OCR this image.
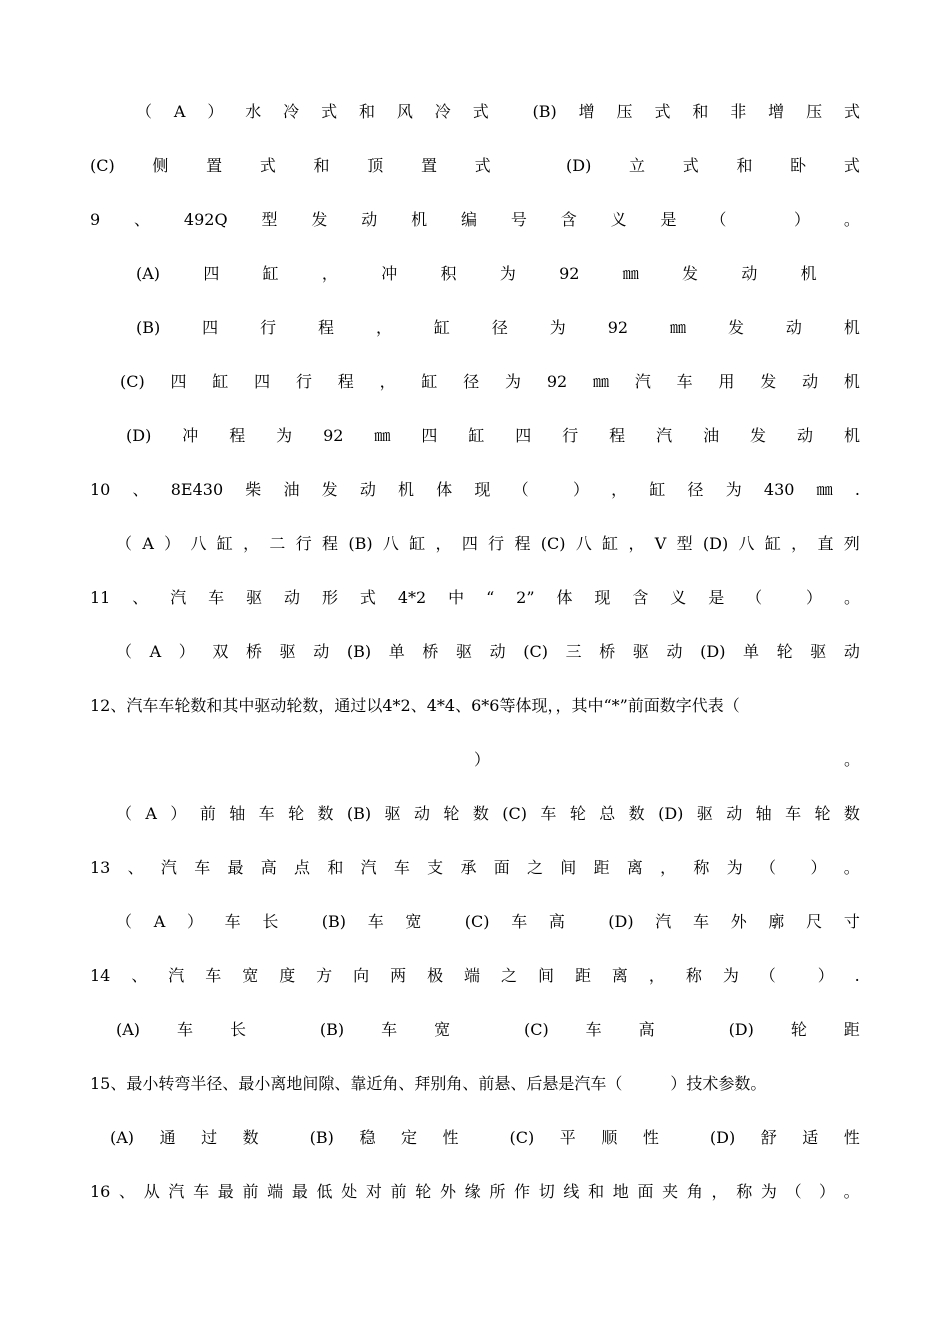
（ A ） 水 冷 式 和 风 冷 式	(B) 增 压 式 和 非 增 压 式
(C) 侧 置 式 和 顶 置 式	(D) 立 式 和 卧 式
9 、 492Q 型 发 动 机 编 号 含 义 是 （	） 。
(A)	四	缸	，	冲	积	为	92	㎜	发	动	机
(B)	四	行	程	，	缸	径	为	92	㎜	发	动	机
(C) 四 缸 四 行 程 ， 缸 径 为 92 ㎜ 汽 车 用 发 动 机
(D) 冲 程 为 92 ㎜ 四 缸 四 行 程 汽 油 发 动 机
10 、 8E430 柴 油 发 动 机 体 现 （	） ， 缸 径 为 430 ㎜ .
（ A ） 八 缸 ， 二 行 程 (B) 八 缸 ， 四 行 程 (C) 八 缸 ， V 型 (D) 八 缸 ， 直 列
11 、 汽 车 驱 动 形 式 4*2 中 “ 2” 体 现 含 义 是 （	） 。
（ A ） 双 桥 驱 动 (B) 单 桥 驱 动 (C) 三 桥 驱 动 (D) 单 轮 驱 动
12、汽车车轮数和其中驱动轮数，通过以4*2、4*4、6*6等体现，，其中“*”前面数字代表（
）	。
（ A ） 前 轴 车 轮 数 (B) 驱 动 轮 数 (C) 车 轮 总 数 (D) 驱 动 轴 车 轮 数
13 、 汽 车 最 高 点 和 汽 车 支 承 面 之 间 距 离 ， 称 为 （ ） 。
（ A ） 车 长	(B) 车 宽	(C) 车 高	(D) 汽 车 外 廓 尺 寸
14 、 汽 车 宽 度 方 向 两 极 端 之 间 距 离 ， 称 为 （	） .
(A) 车 长	(B) 车 宽	(C) 车 高	(D) 轮 距
15、最小转弯半径、最小离地间隙、靠近角、拜别角、前悬、后悬是汽车（　　　）技术参数。
(A) 通 过 数	(B) 稳 定 性	(C) 平 顺 性	(D) 舒 适 性
16 、 从 汽 车 最 前 端 最 低 处 对 前 轮 外 缘 所 作 切 线 和 地 面 夹 角 ， 称 为 （ ） 。
